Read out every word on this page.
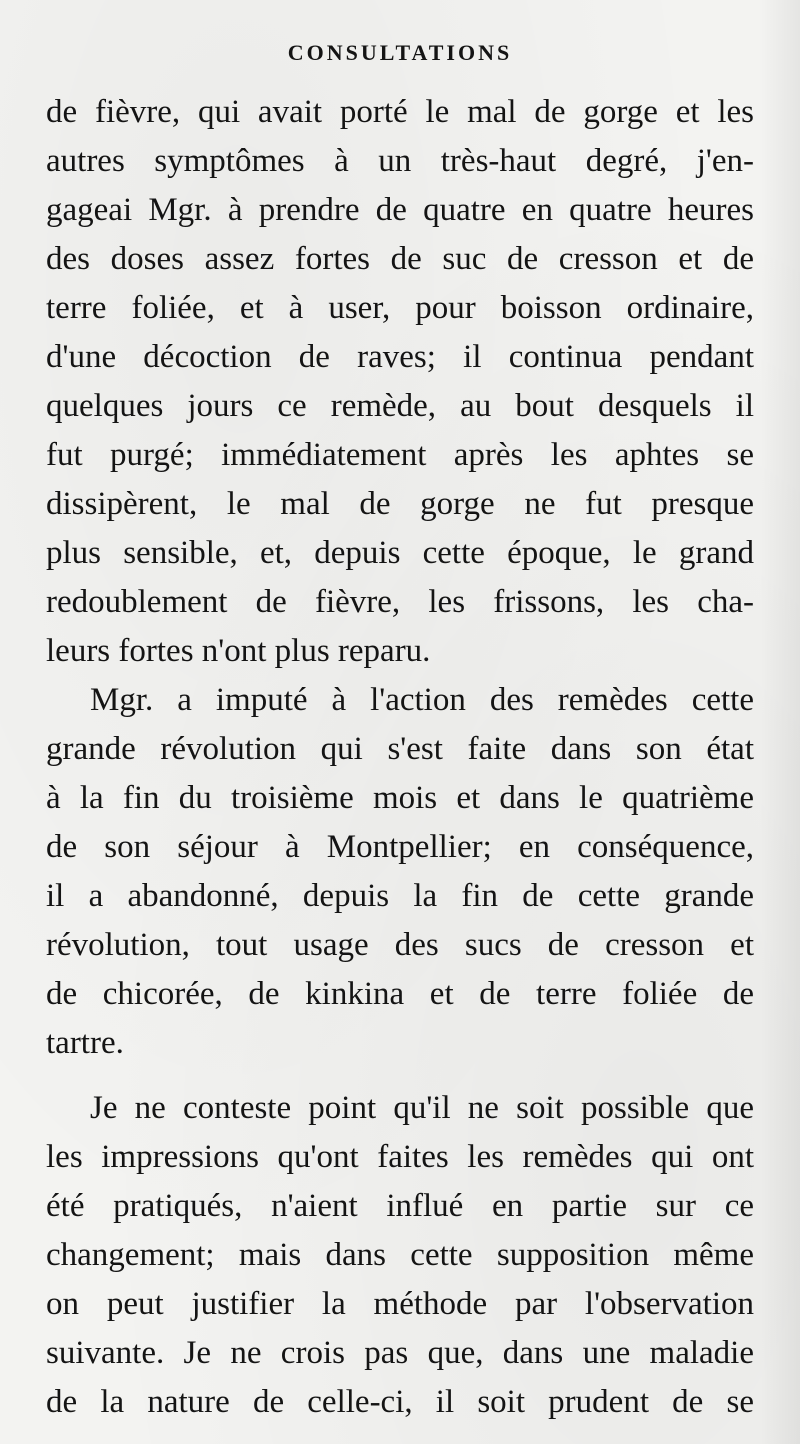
CONSULTATIONS
de fièvre, qui avait porté le mal de gorge et les
autres symptômes à un très-haut degré, j'en-
gageai Mgr. à prendre de quatre en quatre heures
des doses assez fortes de suc de cresson et de
terre foliée, et à user, pour boisson ordinaire,
d'une décoction de raves; il continua pendant
quelques jours ce remède, au bout desquels il
fut purgé; immédiatement après les aphtes se
dissipèrent, le mal de gorge ne fut presque
plus sensible, et, depuis cette époque, le grand
redoublement de fièvre, les frissons, les cha-
leurs fortes n'ont plus reparu.
Mgr. a imputé à l'action des remèdes cette
grande révolution qui s'est faite dans son état
à la fin du troisième mois et dans le quatrième
de son séjour à Montpellier; en conséquence,
il a abandonné, depuis la fin de cette grande
révolution, tout usage des sucs de cresson et
de chicorée, de kinkina et de terre foliée de
tartre.
Je ne conteste point qu'il ne soit possible que
les impressions qu'ont faites les remèdes qui ont
été pratiqués, n'aient influé en partie sur ce
changement; mais dans cette supposition même
on peut justifier la méthode par l'observation
suivante. Je ne crois pas que, dans une maladie
de la nature de celle-ci, il soit prudent de se
